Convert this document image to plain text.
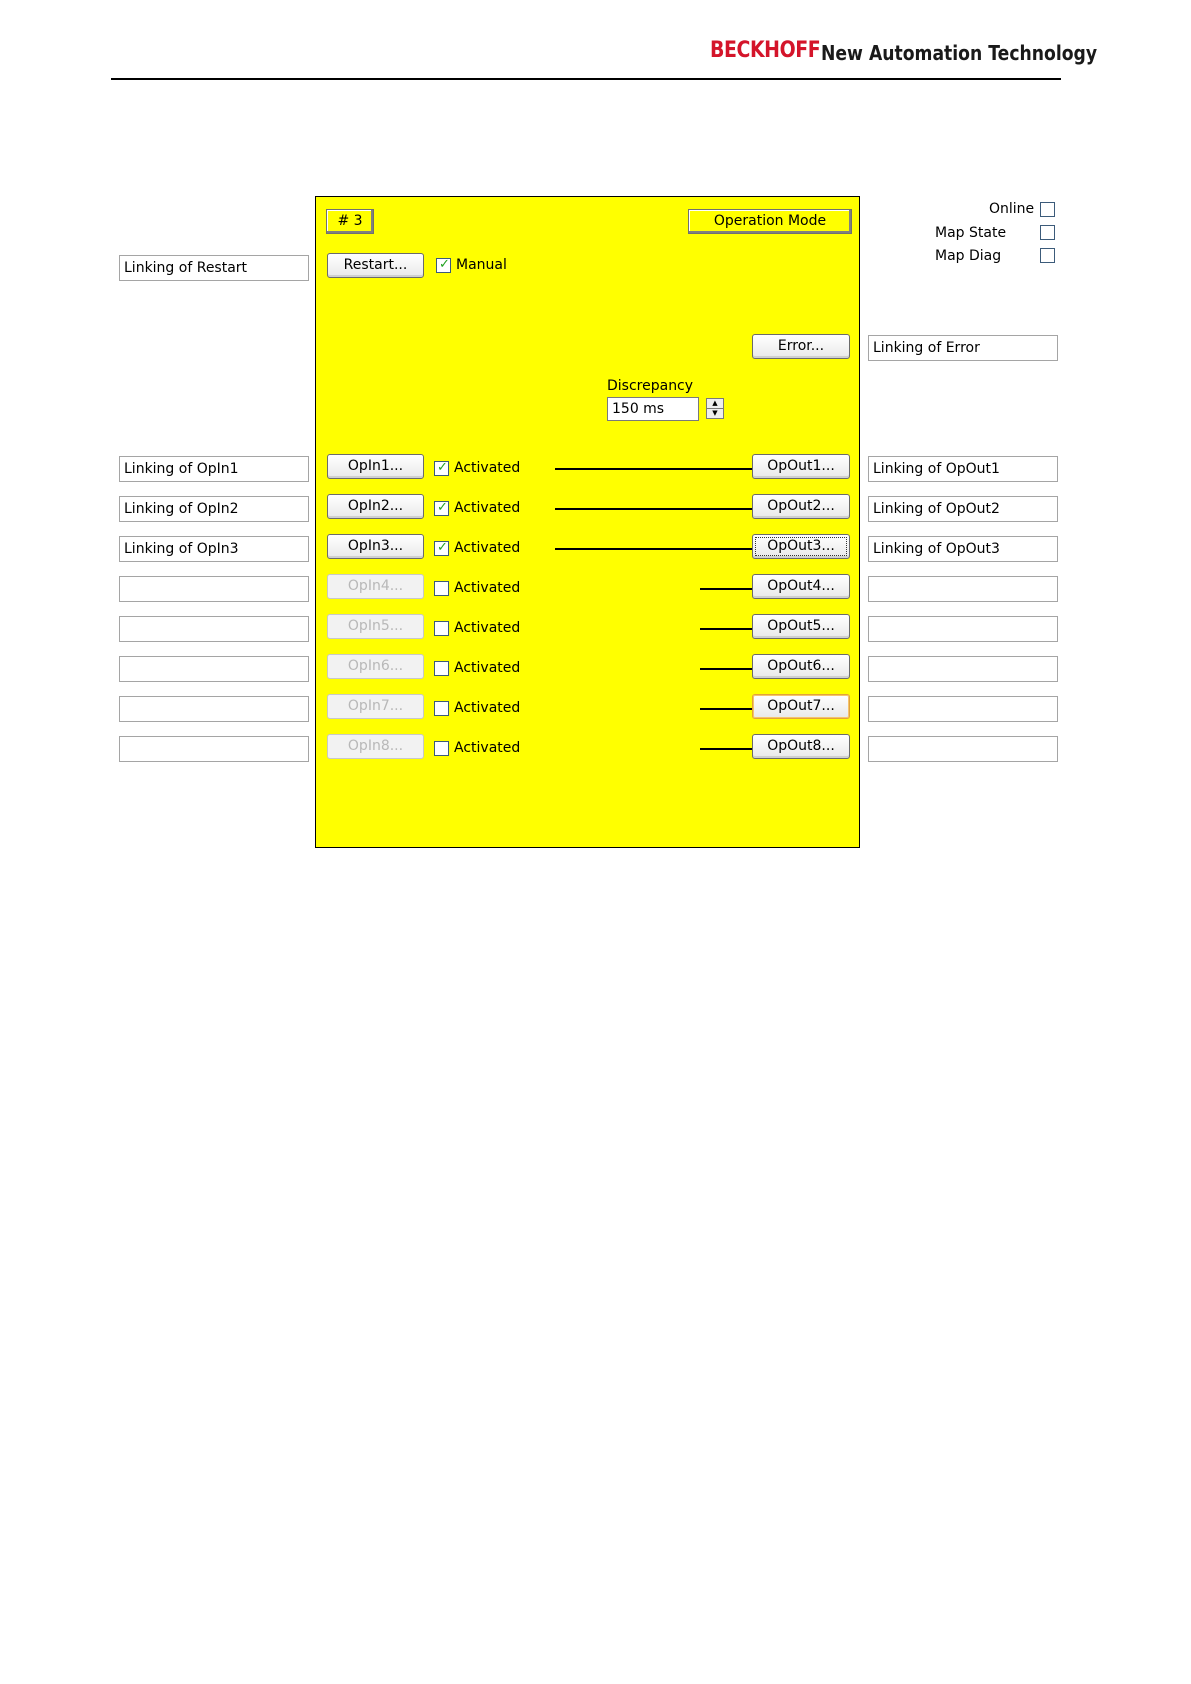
BECKHOFF New Automation Technology
# 3	Operation Mode
Linking of Restart	Restart...	✓ Manual
Online
Map State
Map Diag
Error...	Linking of Error
Discrepancy
150 ms	▲
▼
Linking of OpIn1	OpIn1...	✓ Activated	OpOut1...	Linking of OpOut1
Linking of OpIn2	OpIn2...	✓ Activated	OpOut2...	Linking of OpOut2
Linking of OpIn3	OpIn3...	✓ Activated	OpOut3...	Linking of OpOut3
OpIn4...	Activated	OpOut4...
OpIn5...	Activated	OpOut5...
OpIn6...	Activated	OpOut6...
OpIn7...	Activated	OpOut7...
OpIn8...	Activated	OpOut8...
